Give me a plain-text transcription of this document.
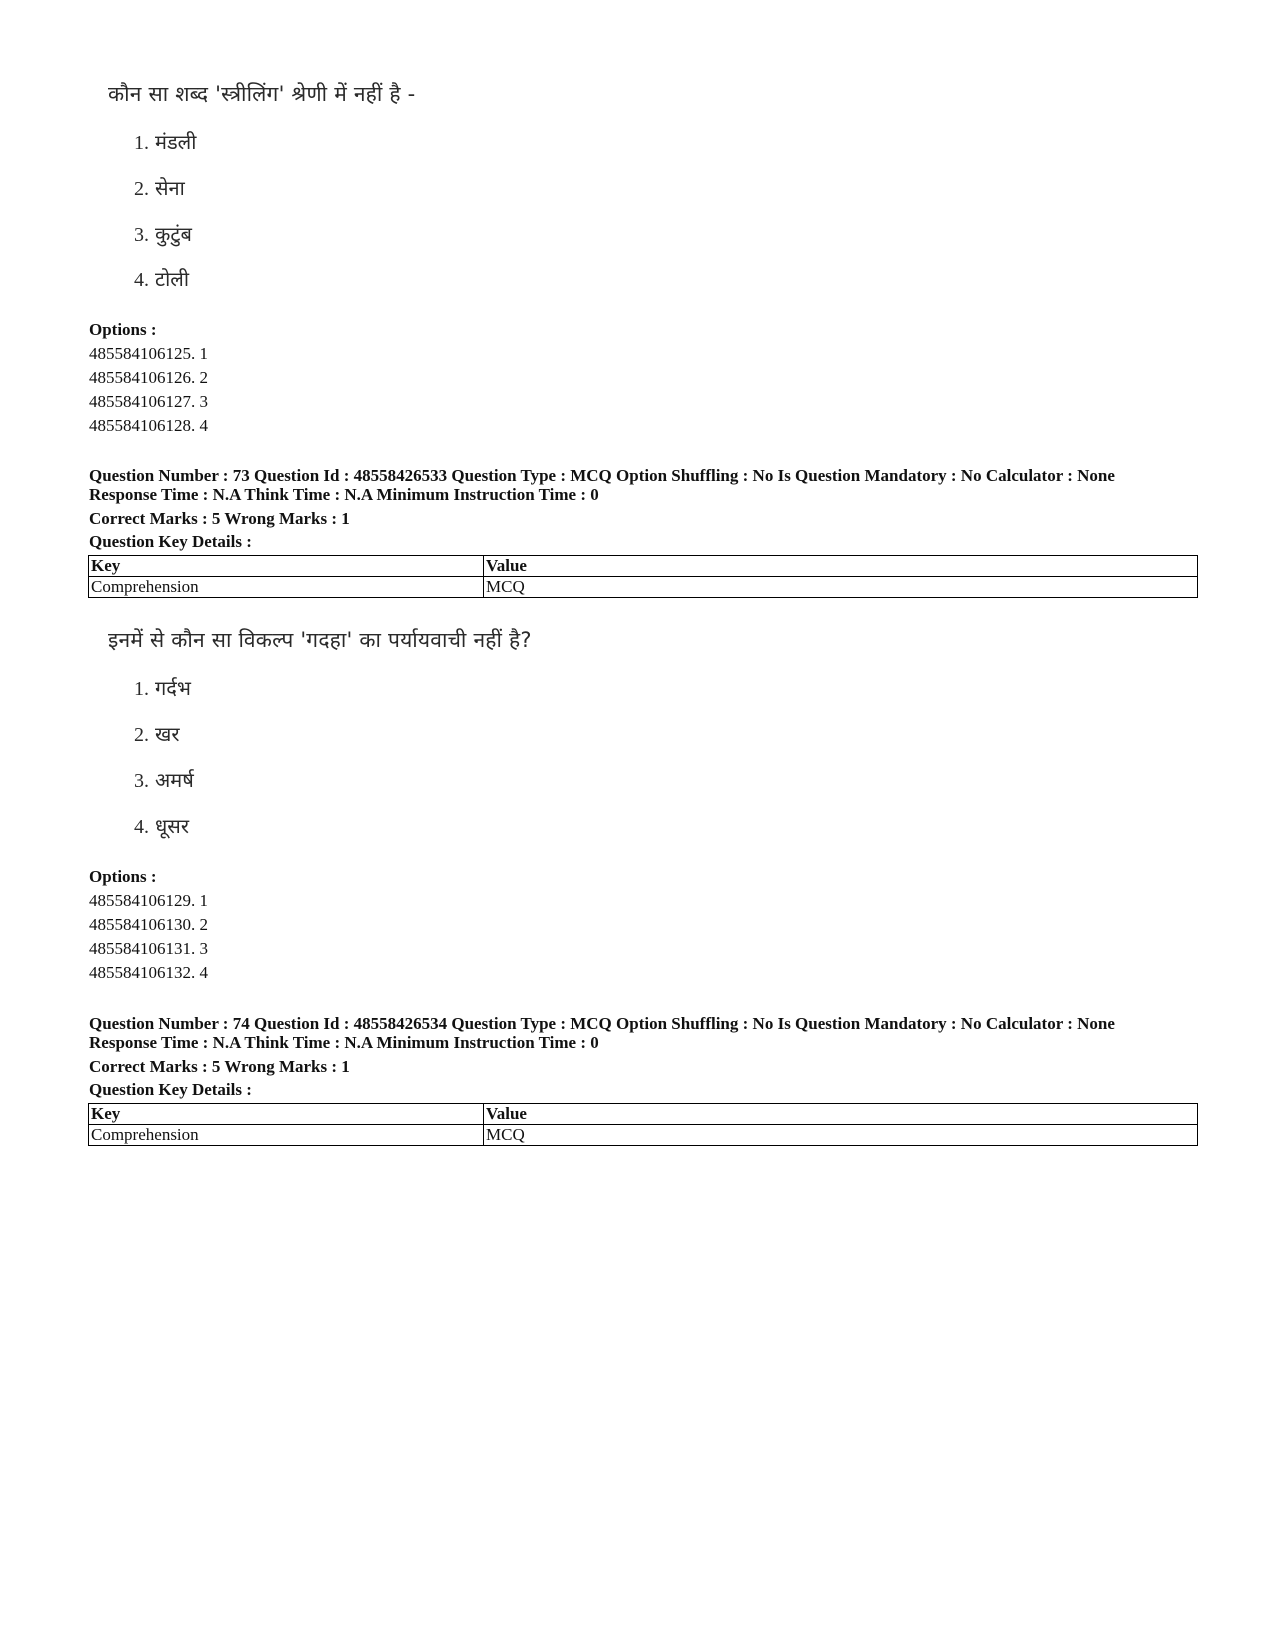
कौन सा शब्द 'स्त्रीलिंग' श्रेणी में नहीं है -
1. मंडली
2. सेना
3. कुटुंब
4. टोली
Options :
485584106125. 1
485584106126. 2
485584106127. 3
485584106128. 4
Question Number : 73 Question Id : 48558426533 Question Type : MCQ Option Shuffling : No Is Question Mandatory : No Calculator : None
Response Time : N.A Think Time : N.A Minimum Instruction Time : 0
Correct Marks : 5 Wrong Marks : 1
Question Key Details :
Key	Value
Comprehension	MCQ
इनमें से कौन सा विकल्प 'गदहा' का पर्यायवाची नहीं है?
1. गर्दभ
2. खर
3. अमर्ष
4. धूसर
Options :
485584106129. 1
485584106130. 2
485584106131. 3
485584106132. 4
Question Number : 74 Question Id : 48558426534 Question Type : MCQ Option Shuffling : No Is Question Mandatory : No Calculator : None
Response Time : N.A Think Time : N.A Minimum Instruction Time : 0
Correct Marks : 5 Wrong Marks : 1
Question Key Details :
Key	Value
Comprehension	MCQ
